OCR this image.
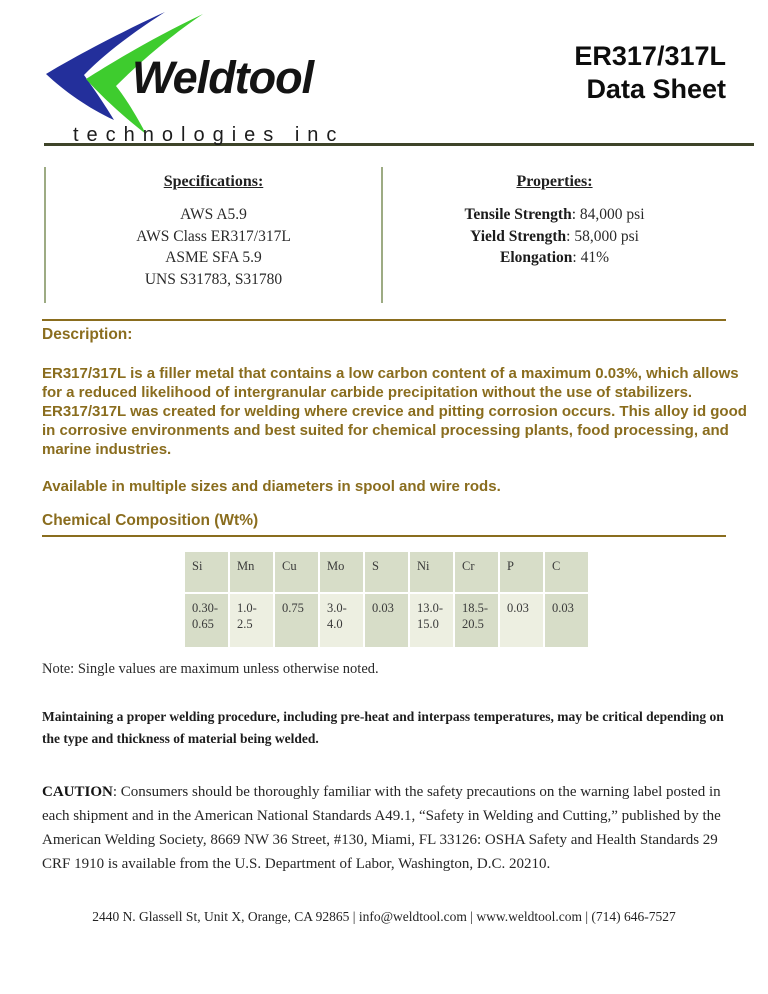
Weldtool
technologies inc
ER317/317L
Data Sheet
Specifications:
AWS A5.9
AWS Class ER317/317L
ASME SFA 5.9
UNS S31783, S31780
Properties:
Tensile Strength: 84,000 psi
Yield Strength: 58,000 psi
Elongation: 41%
Description:

ER317/317L is a filler metal that contains a low carbon content of a maximum 0.03%, which allows for a reduced likelihood of intergranular carbide precipitation without the use of stabilizers. ER317/317L was created for welding where crevice and pitting corrosion occurs. This alloy id good in corrosive environments and best suited for chemical processing plants, food processing, and marine industries.

Available in multiple sizes and diameters in spool and wire rods.

Chemical Composition (Wt%)
Si	Mn	Cu	Mo	S	Ni	Cr	P	C
0.30-0.65	1.0-2.5	0.75	3.0-4.0	0.03	13.0-15.0	18.5-20.5	0.03	0.03

Note: Single values are maximum unless otherwise noted.

Maintaining a proper welding procedure, including pre-heat and interpass temperatures, may be critical depending on the type and thickness of material being welded.

CAUTION: Consumers should be thoroughly familiar with the safety precautions on the warning label posted in each shipment and in the American National Standards A49.1, “Safety in Welding and Cutting,” published by the American Welding Society, 8669 NW 36 Street, #130, Miami, FL 33126: OSHA Safety and Health Standards 29 CRF 1910 is available from the U.S. Department of Labor, Washington, D.C. 20210.

2440 N. Glassell St, Unit X, Orange, CA 92865 | info@weldtool.com | www.weldtool.com | (714) 646-7527
